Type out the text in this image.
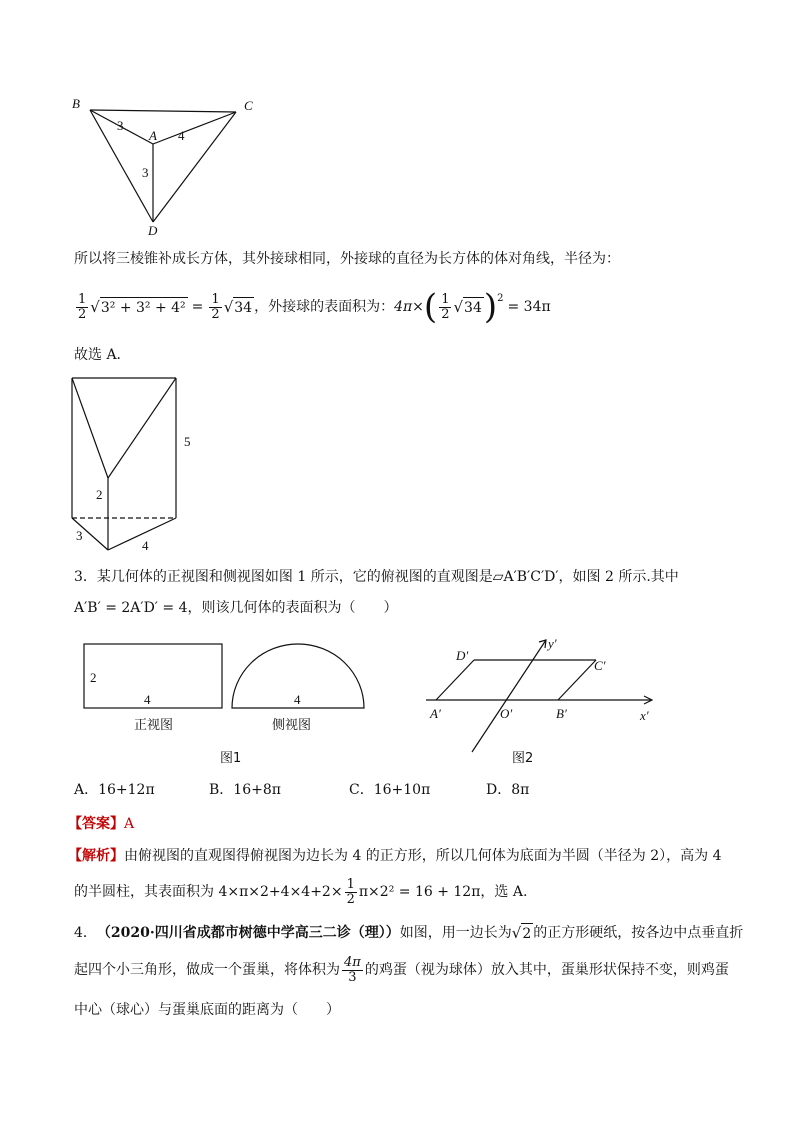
B	C
A
D
3
4
3
所以将三棱锥补成长方体，其外接球相同，外接球的直径为长方体的体对角线，半径为：
$\frac{1}{2}$ √ $3^2 + 3^2 + 4^2 = \frac{1}{2}$ √ 34 ，外接球的表面积为： 4π× ( $\frac{1}{2}$ √ 34 )$^2$
= 34π
故选 A．
5
2
3
4
3．某几何体的正视图和侧视图如图 1 所示，它的俯视图的直观图是▱A′B′C′D′，如图 2 所示.其中
A′B′ = 2A′D′ = 4，则该几何体的表面积为（　　）
2
4	4
正视图	侧视图
图1
D′
C′
A′	O′	B′	x′
y′
图2
A．16+12π	B．16+8π	C．16+10π	D．8π
【答案】A
【解析】由俯视图的直观图得俯视图为边长为 4 的正方形，所以几何体为底面为半圆（半径为 2），高为 4
的半圆柱，其表面积为 $4\times\pi\times 2+4\times 4+2\times \frac{1}{2} \pi\times 2^2 = 16 + 12\pi$，选 A.
4． （2020·四川省成都市树德中学高三二诊（理）） 如图，用一边长为 √ 2 的正方形硬纸，按各边中点垂直折
起四个小三角形，做成一个蛋巢，将体积为 $\frac{4\pi}{3}$ 的鸡蛋（视为球体）放入其中，蛋巢形状保持不变，则鸡蛋
中心（球心）与蛋巢底面的距离为（　　）
